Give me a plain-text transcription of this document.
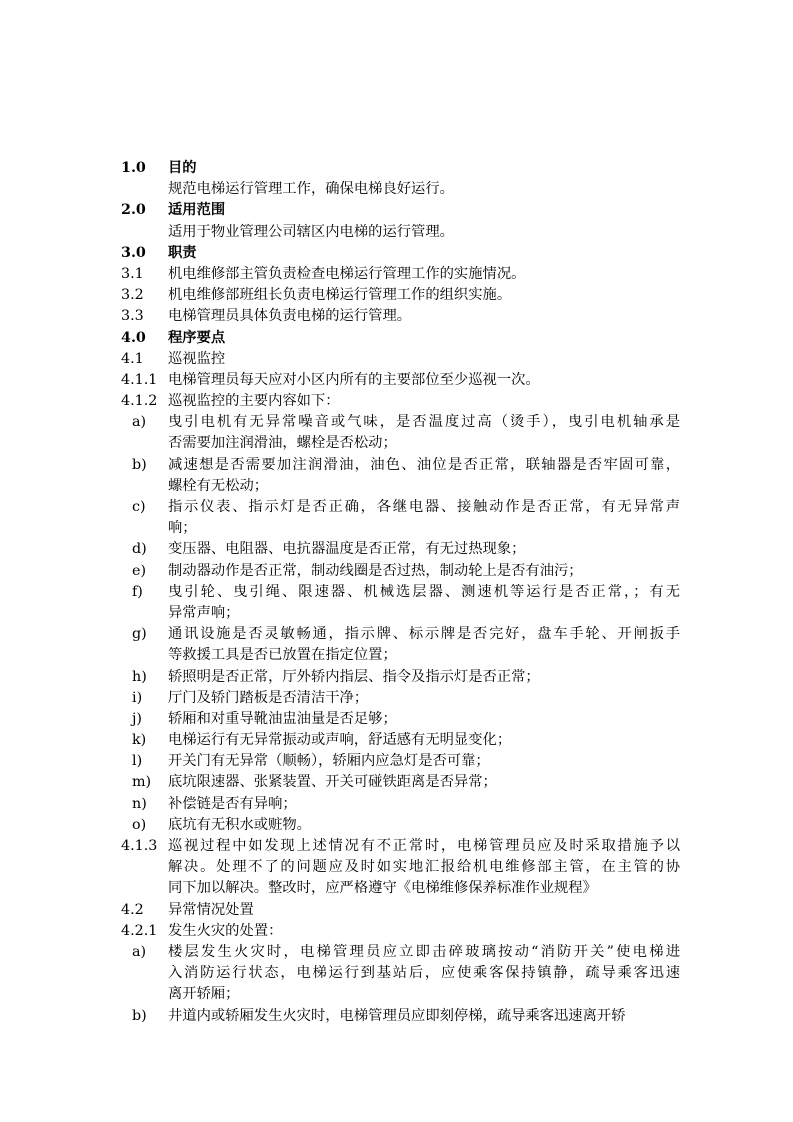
1.0	目的
规范电梯运行管理工作，确保电梯良好运行。
2.0	适用范围
适用于物业管理公司辖区内电梯的运行管理。
3.0	职责
3.1	机电维修部主管负责检查电梯运行管理工作的实施情况。
3.2	机电维修部班组长负责电梯运行管理工作的组织实施。
3.3	电梯管理员具体负责电梯的运行管理。
4.0	程序要点
4.1	巡视监控
4.1.1 电梯管理员每天应对小区内所有的主要部位至少巡视一次。
4.1.2 巡视监控的主要内容如下：
a)	曳引电机有无异常噪音或气味，是否温度过高（烫手），曳引电机轴承是
否需要加注润滑油，螺栓是否松动；
b)	减速想是否需要加注润滑油，油色、油位是否正常，联轴器是否牢固可靠，
螺栓有无松动；
c)	指示仪表、指示灯是否正确，各继电器、接触动作是否正常，有无异常声
响；
d)	变压器、电阻器、电抗器温度是否正常，有无过热现象；
e)	制动器动作是否正常，制动线圈是否过热，制动轮上是否有油污；
f)	曳引轮、曳引绳、限速器、机械选层器、测速机等运行是否正常，；有无
异常声响；
g)	通讯设施是否灵敏畅通，指示牌、标示牌是否完好，盘车手轮、开闸扳手
等救援工具是否已放置在指定位置；
h)	轿照明是否正常，厅外轿内指层、指令及指示灯是否正常；
i)	厅门及轿门踏板是否清洁干净；
j)	轿厢和对重导靴油盅油量是否足够；
k)	电梯运行有无异常振动或声响，舒适感有无明显变化；
l)	开关门有无异常（顺畅），轿厢内应急灯是否可靠；
m)	底坑限速器、张紧装置、开关可碰铁距离是否异常；
n)	补偿链是否有异响；
o)	底坑有无积水或赃物。
4.1.3 巡视过程中如发现上述情况有不正常时，电梯管理员应及时采取措施予以
解决。处理不了的问题应及时如实地汇报给机电维修部主管，在主管的协
同下加以解决。整改时，应严格遵守《电梯维修保养标准作业规程》
4.2	异常情况处置
4.2.1 发生火灾的处置：
a)	楼层发生火灾时，电梯管理员应立即击碎玻璃按动“消防开关”使电梯进
入消防运行状态，电梯运行到基站后，应使乘客保持镇静，疏导乘客迅速
离开轿厢；
b)	井道内或轿厢发生火灾时，电梯管理员应即刻停梯，疏导乘客迅速离开轿
